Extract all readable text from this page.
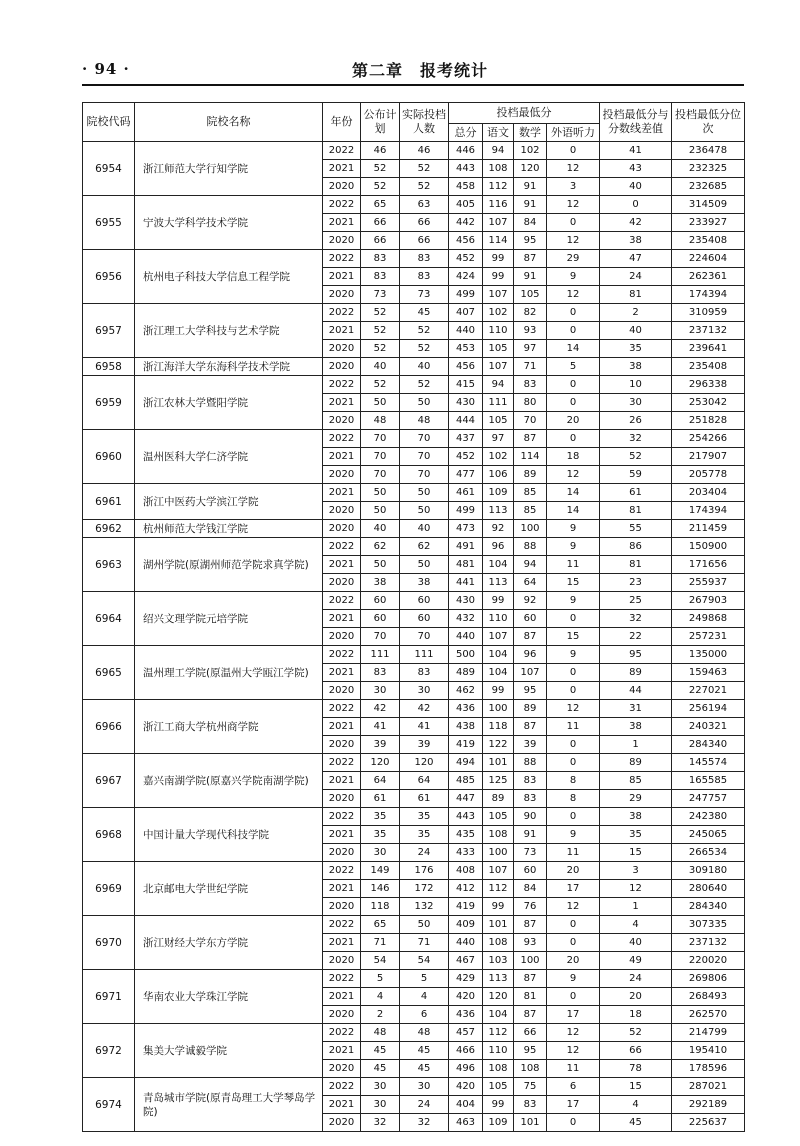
· 94 ·	第二章　报考统计
院校代码	院校名称	年份	公布计划	实际投档人数	投档最低分				投档最低分与分数线差值	投档最低分位次
					总分	语文	数学	外语听力		
6954	浙江师范大学行知学院	2022	46	46	446	94	102	0	41	236478
		2021	52	52	443	108	120	12	43	232325
		2020	52	52	458	112	91	3	40	232685
6955	宁波大学科学技术学院	2022	65	63	405	116	91	12	0	314509
		2021	66	66	442	107	84	0	42	233927
		2020	66	66	456	114	95	12	38	235408
6956	杭州电子科技大学信息工程学院	2022	83	83	452	99	87	29	47	224604
		2021	83	83	424	99	91	9	24	262361
		2020	73	73	499	107	105	12	81	174394
6957	浙江理工大学科技与艺术学院	2022	52	45	407	102	82	0	2	310959
		2021	52	52	440	110	93	0	40	237132
		2020	52	52	453	105	97	14	35	239641
6958	浙江海洋大学东海科学技术学院	2020	40	40	456	107	71	5	38	235408
6959	浙江农林大学暨阳学院	2022	52	52	415	94	83	0	10	296338
		2021	50	50	430	111	80	0	30	253042
		2020	48	48	444	105	70	20	26	251828
6960	温州医科大学仁济学院	2022	70	70	437	97	87	0	32	254266
		2021	70	70	452	102	114	18	52	217907
		2020	70	70	477	106	89	12	59	205778
6961	浙江中医药大学滨江学院	2021	50	50	461	109	85	14	61	203404
		2020	50	50	499	113	85	14	81	174394
6962	杭州师范大学钱江学院	2020	40	40	473	92	100	9	55	211459
6963	湖州学院(原湖州师范学院求真学院)	2022	62	62	491	96	88	9	86	150900
		2021	50	50	481	104	94	11	81	171656
		2020	38	38	441	113	64	15	23	255937
6964	绍兴文理学院元培学院	2022	60	60	430	99	92	9	25	267903
		2021	60	60	432	110	60	0	32	249868
		2020	70	70	440	107	87	15	22	257231
6965	温州理工学院(原温州大学瓯江学院)	2022	111	111	500	104	96	9	95	135000
		2021	83	83	489	104	107	0	89	159463
		2020	30	30	462	99	95	0	44	227021
6966	浙江工商大学杭州商学院	2022	42	42	436	100	89	12	31	256194
		2021	41	41	438	118	87	11	38	240321
		2020	39	39	419	122	39	0	1	284340
6967	嘉兴南湖学院(原嘉兴学院南湖学院)	2022	120	120	494	101	88	0	89	145574
		2021	64	64	485	125	83	8	85	165585
		2020	61	61	447	89	83	8	29	247757
6968	中国计量大学现代科技学院	2022	35	35	443	105	90	0	38	242380
		2021	35	35	435	108	91	9	35	245065
		2020	30	24	433	100	73	11	15	266534
6969	北京邮电大学世纪学院	2022	149	176	408	107	60	20	3	309180
		2021	146	172	412	112	84	17	12	280640
		2020	118	132	419	99	76	12	1	284340
6970	浙江财经大学东方学院	2022	65	50	409	101	87	0	4	307335
		2021	71	71	440	108	93	0	40	237132
		2020	54	54	467	103	100	20	49	220020
6971	华南农业大学珠江学院	2022	5	5	429	113	87	9	24	269806
		2021	4	4	420	120	81	0	20	268493
		2020	2	6	436	104	87	17	18	262570
6972	集美大学诚毅学院	2022	48	48	457	112	66	12	52	214799
		2021	45	45	466	110	95	12	66	195410
		2020	45	45	496	108	108	11	78	178596
6974	青岛城市学院(原青岛理工大学琴岛学院)	2022	30	30	420	105	75	6	15	287021
		2021	30	24	404	99	83	17	4	292189
		2020	32	32	463	109	101	0	45	225637
